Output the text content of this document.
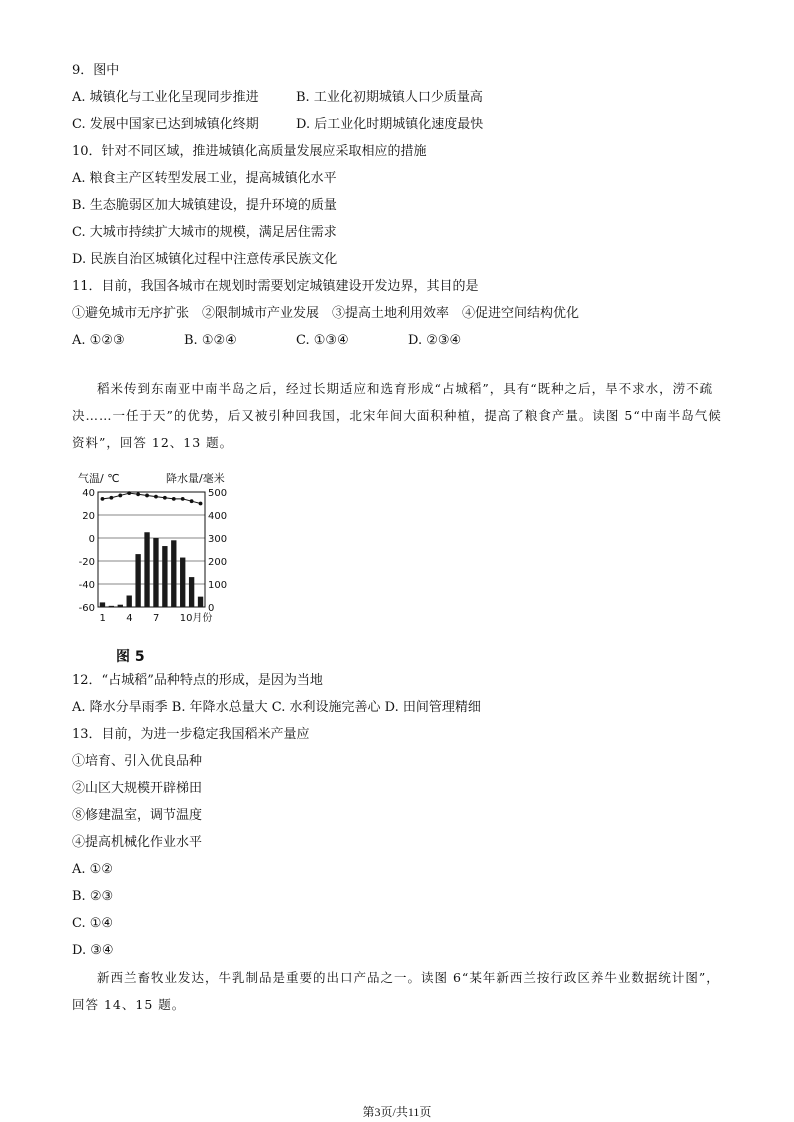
9．图中
A. 城镇化与工业化呈现同步推进	B. 工业化初期城镇人口少质量高
C. 发展中国家已达到城镇化终期	D. 后工业化时期城镇化速度最快
10．针对不同区域，推进城镇化高质量发展应采取相应的措施
A. 粮食主产区转型发展工业，提高城镇化水平
B. 生态脆弱区加大城镇建设，提升环境的质量
C. 大城市持续扩大城市的规模，满足居住需求
D. 民族自治区城镇化过程中注意传承民族文化
11．目前，我国各城市在规划时需要划定城镇建设开发边界，其目的是
①避免城市无序扩张　②限制城市产业发展　③提高土地利用效率　④促进空间结构优化
A. ①②③	B. ①②④	C. ①③④	D. ②③④
稻米传到东南亚中南半岛之后，经过长期适应和选育形成“占城稻”，具有“既种之后，旱不求水，涝不疏决……一任于天”的优势，后又被引种回我国，北宋年间大面积种植，提高了粮食产量。读图 5“中南半岛气候资料”，回答 12、13 题。
气温/ ℃	降水量/毫米
40
20
0
-20
-40
-60
500
400
300
200
100
0
1 4 7 10月份
图 5
12．“占城稻”品种特点的形成，是因为当地
A. 降水分旱雨季 B. 年降水总量大 C. 水利设施完善心 D. 田间管理精细
13．目前，为进一步稳定我国稻米产量应
①培育、引入优良品种
②山区大规模开辟梯田
⑧修建温室，调节温度
④提高机械化作业水平
A. ①②
B. ②③
C. ①④
D. ③④
新西兰畜牧业发达，牛乳制品是重要的出口产品之一。读图 6“某年新西兰按行政区养牛业数据统计图”，回答 14、15 题。
第3页/共11页
